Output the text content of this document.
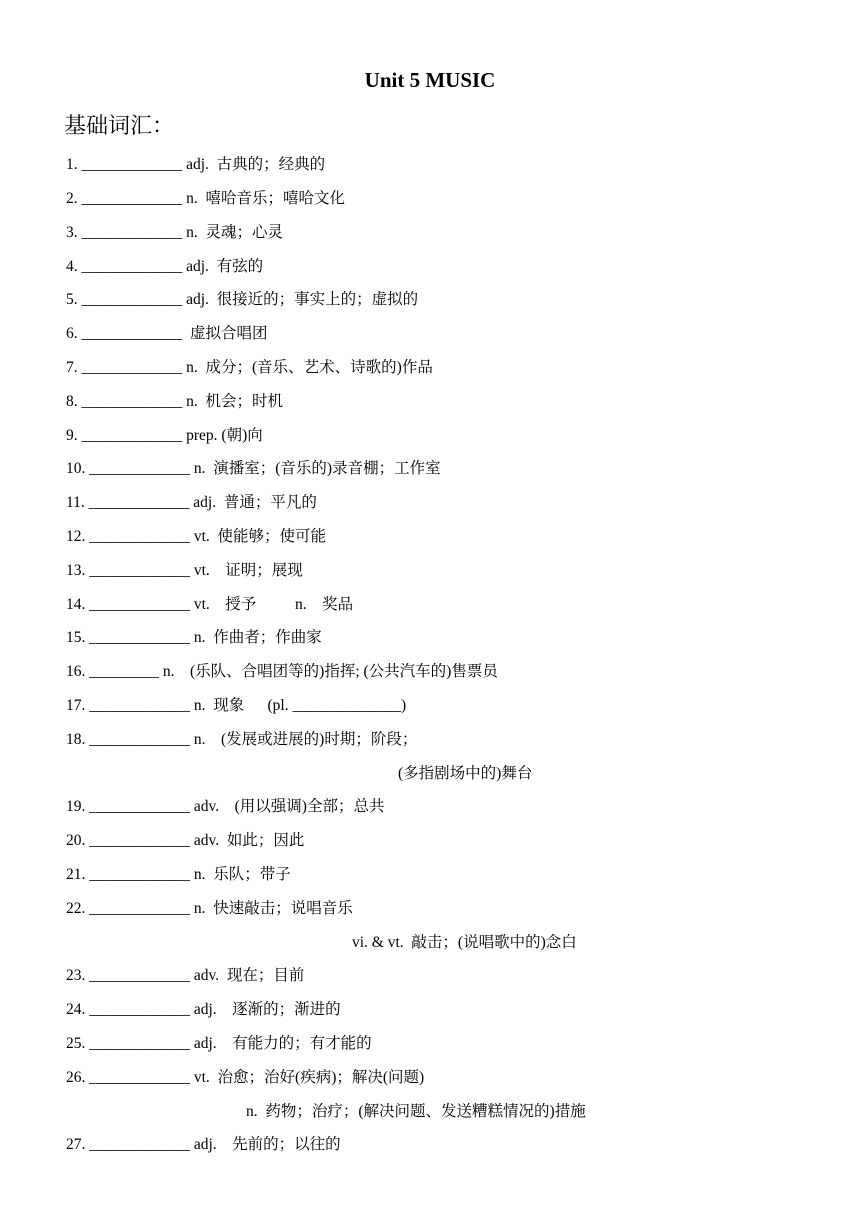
Unit 5 MUSIC
基础词汇：
1. _____________ adj.  古典的；经典的
2. _____________ n.  嘻哈音乐；嘻哈文化
3. _____________ n.  灵魂；心灵
4. _____________ adj.  有弦的
5. _____________ adj.  很接近的；事实上的；虚拟的
6. _____________  虚拟合唱团
7. _____________ n.  成分；(音乐、艺术、诗歌的)作品
8. _____________ n.  机会；时机
9. _____________ prep. (朝)向
10. _____________ n.  演播室；(音乐的)录音棚；工作室
11. _____________ adj.  普通；平凡的
12. _____________ vt.  使能够；使可能
13. _____________ vt.    证明；展现
14. _____________ vt.    授予          n.    奖品
15. _____________ n.  作曲者；作曲家
16. _________ n.    (乐队、合唱团等的)指挥; (公共汽车的)售票员
17. _____________ n.  现象      (pl. ______________)
18. _____________ n.    (发展或进展的)时期；阶段；
(多指剧场中的)舞台
19. _____________ adv.    (用以强调)全部；总共
20. _____________ adv.  如此；因此
21. _____________ n.  乐队；带子
22. _____________ n.  快速敲击；说唱音乐
vi. & vt.  敲击；(说唱歌中的)念白
23. _____________ adv.  现在；目前
24. _____________ adj.    逐渐的；渐进的
25. _____________ adj.    有能力的；有才能的
26. _____________ vt.  治愈；治好(疾病)；解决(问题)
n.  药物；治疗；(解决问题、发送糟糕情况的)措施
27. _____________ adj.    先前的；以往的
